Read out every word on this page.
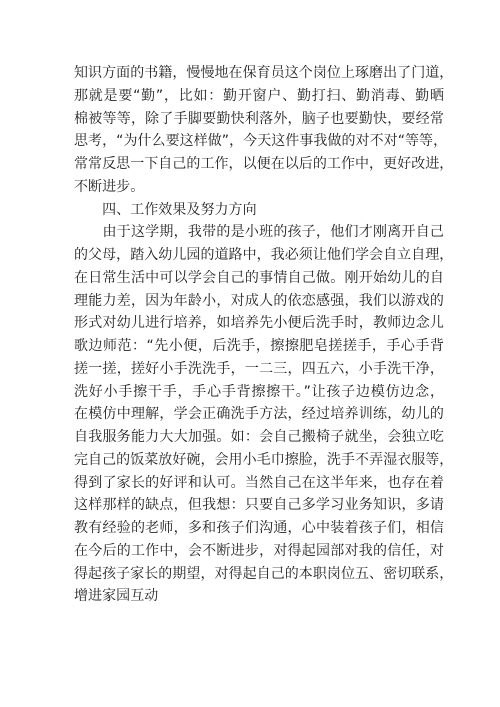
知识方面的书籍，慢慢地在保育员这个岗位上琢磨出了门道，
那就是要“勤”，比如：勤开窗户、勤打扫、勤消毒、勤晒
棉被等等，除了手脚要勤快利落外，脑子也要勤快，要经常
思考，“为什么要这样做”，今天这件事我做的对不对“等等，
常常反思一下自己的工作，以便在以后的工作中，更好改进，
不断进步。
　　四、工作效果及努力方向
　　由于这学期，我带的是小班的孩子，他们才刚离开自己
的父母，踏入幼儿园的道路中，我必须让他们学会自立自理，
在日常生活中可以学会自己的事情自己做。刚开始幼儿的自
理能力差，因为年龄小，对成人的依恋感强，我们以游戏的
形式对幼儿进行培养，如培养先小便后洗手时，教师边念儿
歌边师范：“先小便，后洗手，擦擦肥皂搓搓手，手心手背
搓一搓，搓好小手洗洗手，一二三，四五六，小手洗干净，
洗好小手擦干手，手心手背擦擦干。”让孩子边模仿边念，
在模仿中理解，学会正确洗手方法，经过培养训练，幼儿的
自我服务能力大大加强。如：会自己搬椅子就坐，会独立吃
完自己的饭菜放好碗，会用小毛巾擦脸，洗手不弄湿衣服等，
得到了家长的好评和认可。当然自己在这半年来，也存在着
这样那样的缺点，但我想：只要自己多学习业务知识，多请
教有经验的老师，多和孩子们沟通，心中装着孩子们，相信
在今后的工作中，会不断进步，对得起园部对我的信任，对
得起孩子家长的期望，对得起自己的本职岗位五、密切联系，
增进家园互动
